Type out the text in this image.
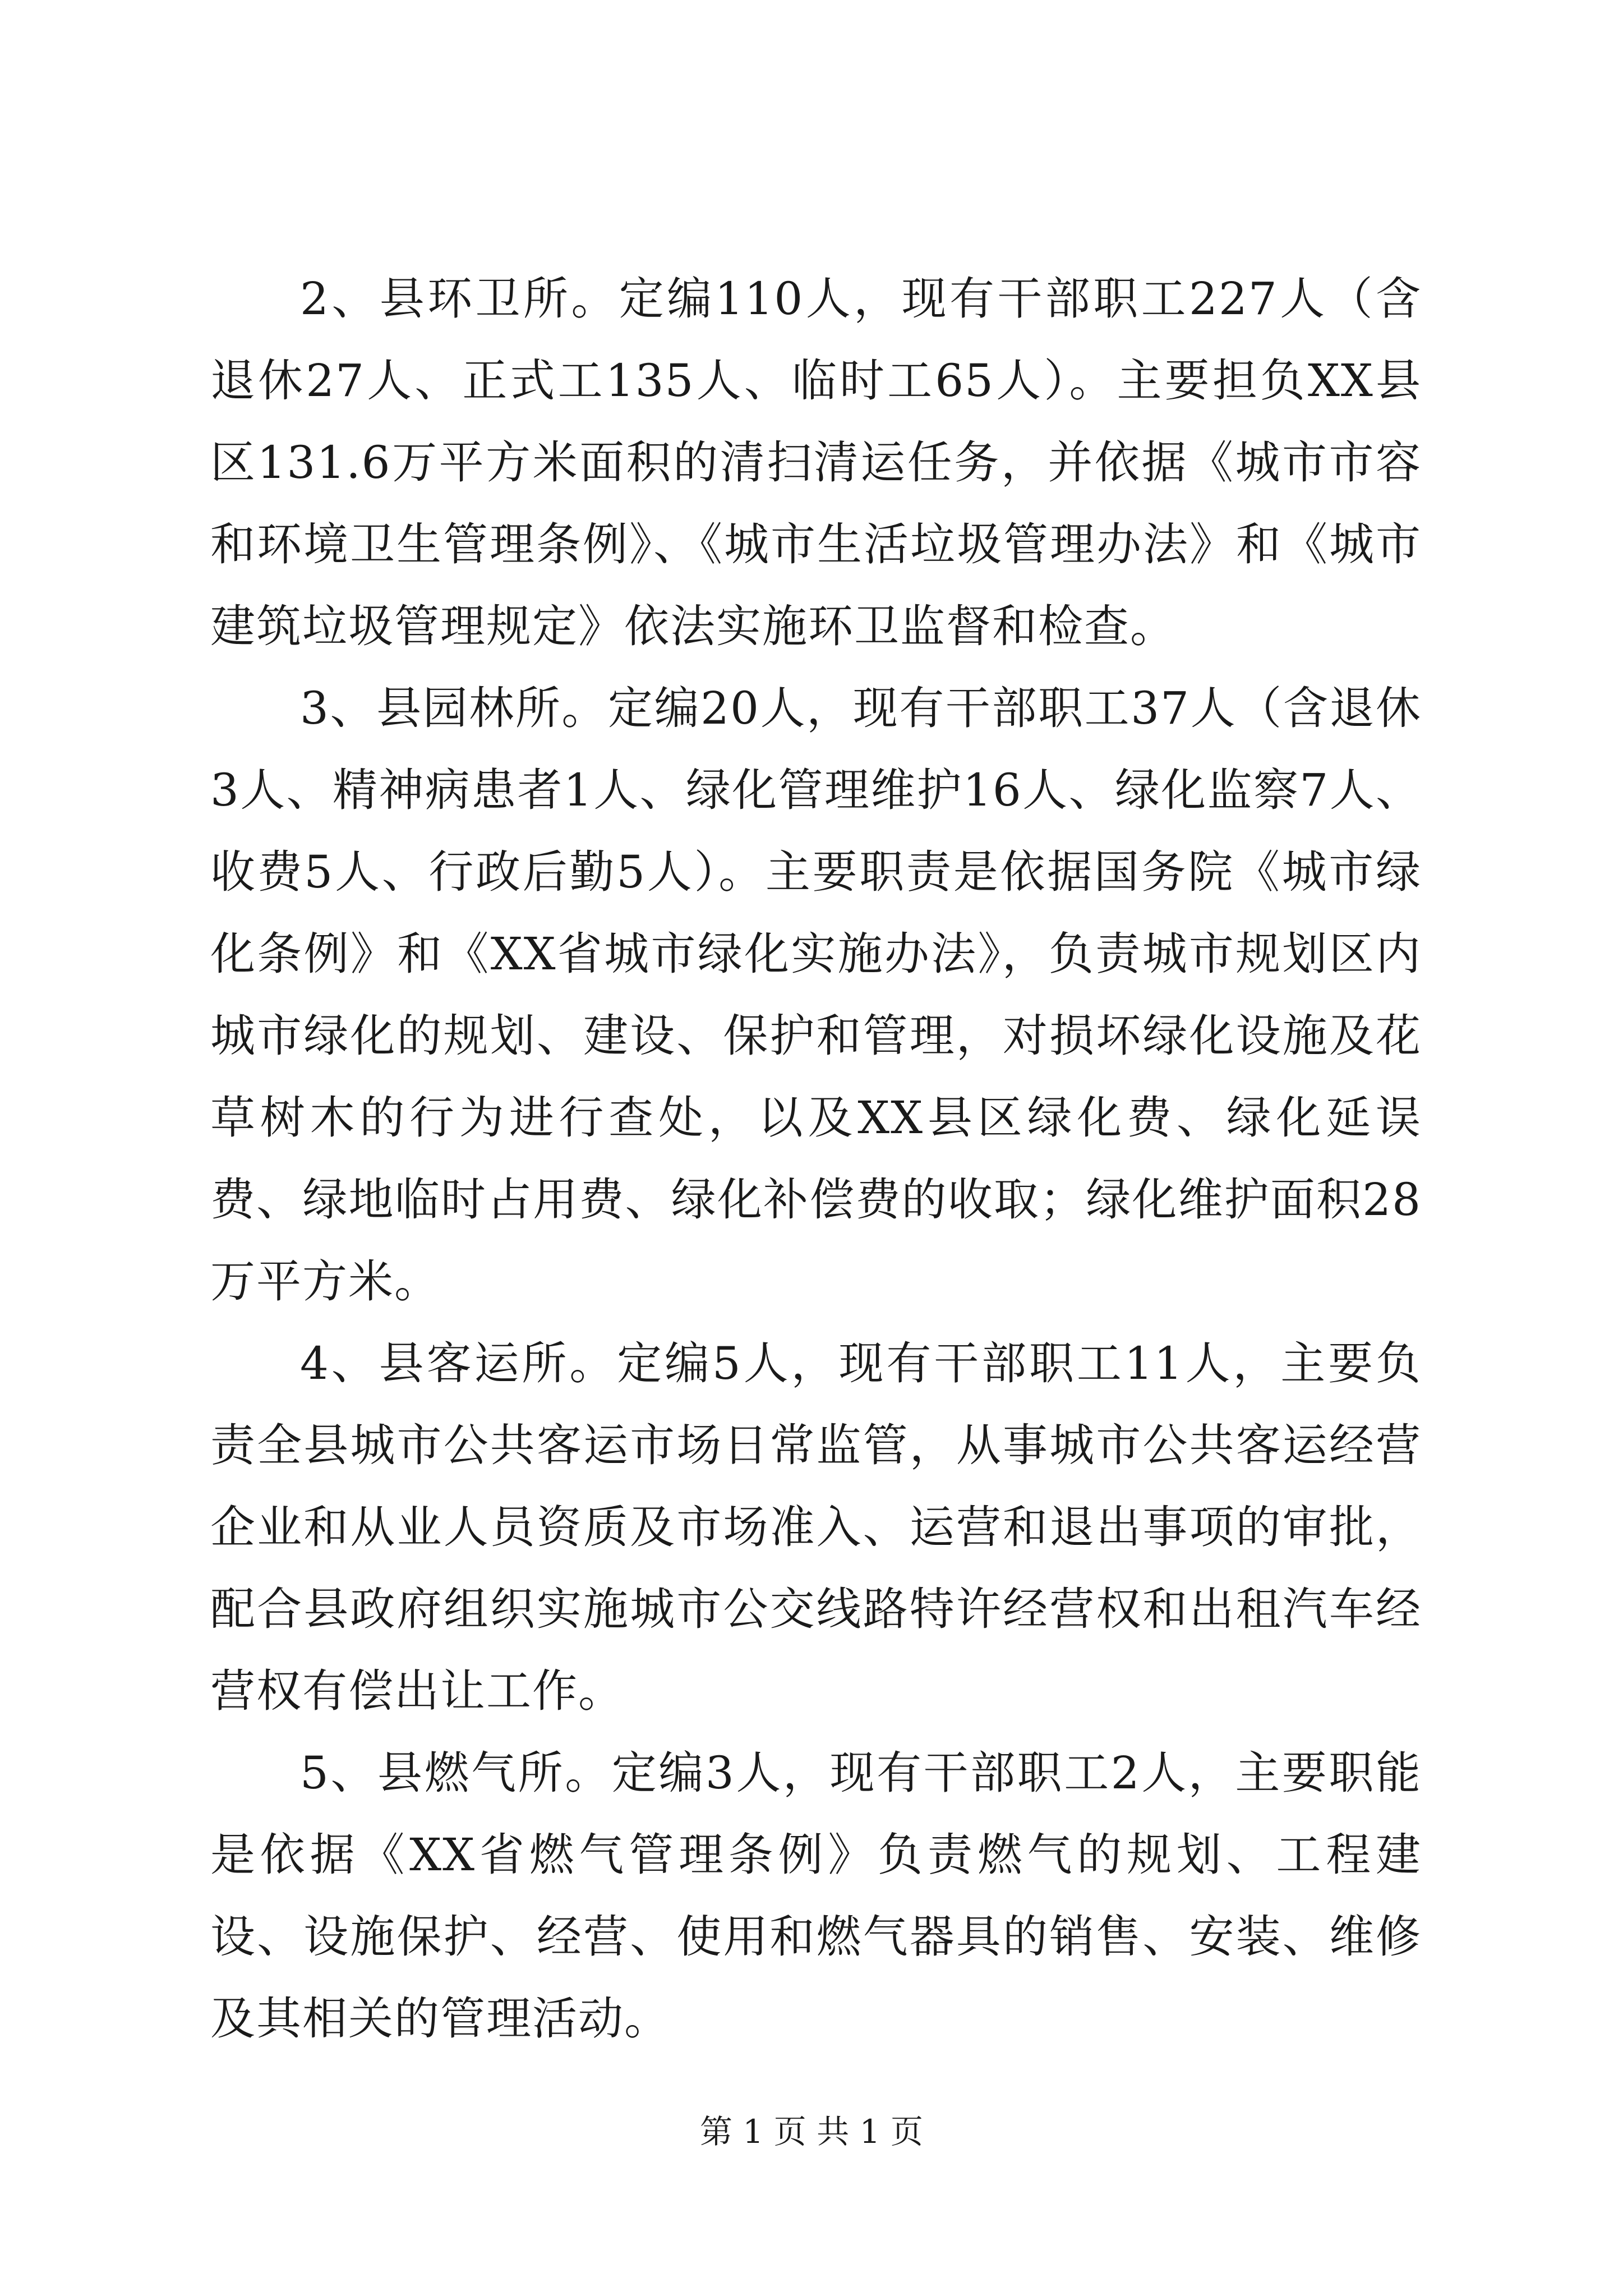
2、县环卫所。定编110人，现有干部职工227人（含退休27人、正式工135人、临时工65人）。主要担负XX县区131.6万平方米面积的清扫清运任务，并依据《城市市容和环境卫生管理条例》、《城市生活垃圾管理办法》和《城市建筑垃圾管理规定》依法实施环卫监督和检查。

3、县园林所。定编20人，现有干部职工37人（含退休3人、精神病患者1人、绿化管理维护16人、绿化监察7人、收费5人、行政后勤5人）。主要职责是依据国务院《城市绿化条例》和《XX省城市绿化实施办法》，负责城市规划区内城市绿化的规划、建设、保护和管理，对损坏绿化设施及花草树木的行为进行查处，以及XX县区绿化费、绿化延误费、绿地临时占用费、绿化补偿费的收取；绿化维护面积28万平方米。

4、县客运所。定编5人，现有干部职工11人，主要负责全县城市公共客运市场日常监管，从事城市公共客运经营企业和从业人员资质及市场准入、运营和退出事项的审批，配合县政府组织实施城市公交线路特许经营权和出租汽车经营权有偿出让工作。

5、县燃气所。定编3人，现有干部职工2人，主要职能是依据《XX省燃气管理条例》负责燃气的规划、工程建设、设施保护、经营、使用和燃气器具的销售、安装、维修及其相关的管理活动。

第 1 页 共 1 页
